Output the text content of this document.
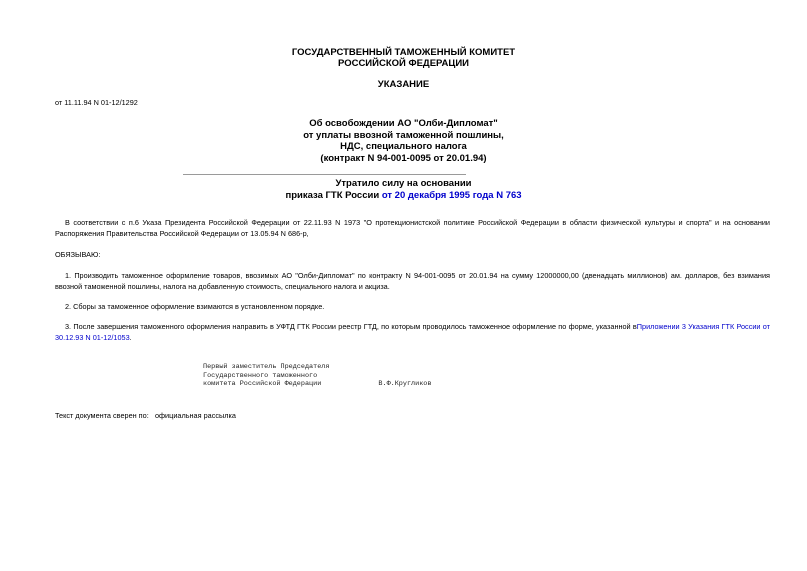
ГОСУДАРСТВЕННЫЙ ТАМОЖЕННЫЙ КОМИТЕТ
РОССИЙСКОЙ ФЕДЕРАЦИИ
УКАЗАНИЕ
от 11.11.94 N 01-12/1292
Об освобождении АО "Олби-Дипломат"
от уплаты ввозной таможенной пошлины,
НДС, специального налога
(контракт N 94-001-0095 от 20.01.94)
Утратило силу на основании
приказа ГТК России от 20 декабря 1995 года N 763
В соответствии с п.6 Указа Президента Российской Федерации от 22.11.93 N 1973 "О протекционистской политике Российской Федерации в области физической культуры и спорта" и на основании Распоряжения Правительства Российской Федерации от 13.05.94 N 686-р,
ОБЯЗЫВАЮ:
1. Производить таможенное оформление товаров, ввозимых АО "Олби-Дипломат" по контракту N 94-001-0095 от 20.01.94 на сумму 12000000,00 (двенадцать миллионов) ам. долларов, без взимания ввозной таможенной пошлины, налога на добавленную стоимость, специального налога и акциза.
2. Сборы за таможенное оформление взимаются в установленном порядке.
3. После завершения таможенного оформления направить в УФТД ГТК России реестр ГТД, по которым проводилось таможенное оформление по форме, указанной вПриложении 3 Указания ГТК России от 30.12.93 N 01-12/1053.
Первый заместитель Председателя
Государственного таможенного
комитета Российской Федерации	В.Ф.Кругликов
Текст документа сверен по: официальная рассылка
